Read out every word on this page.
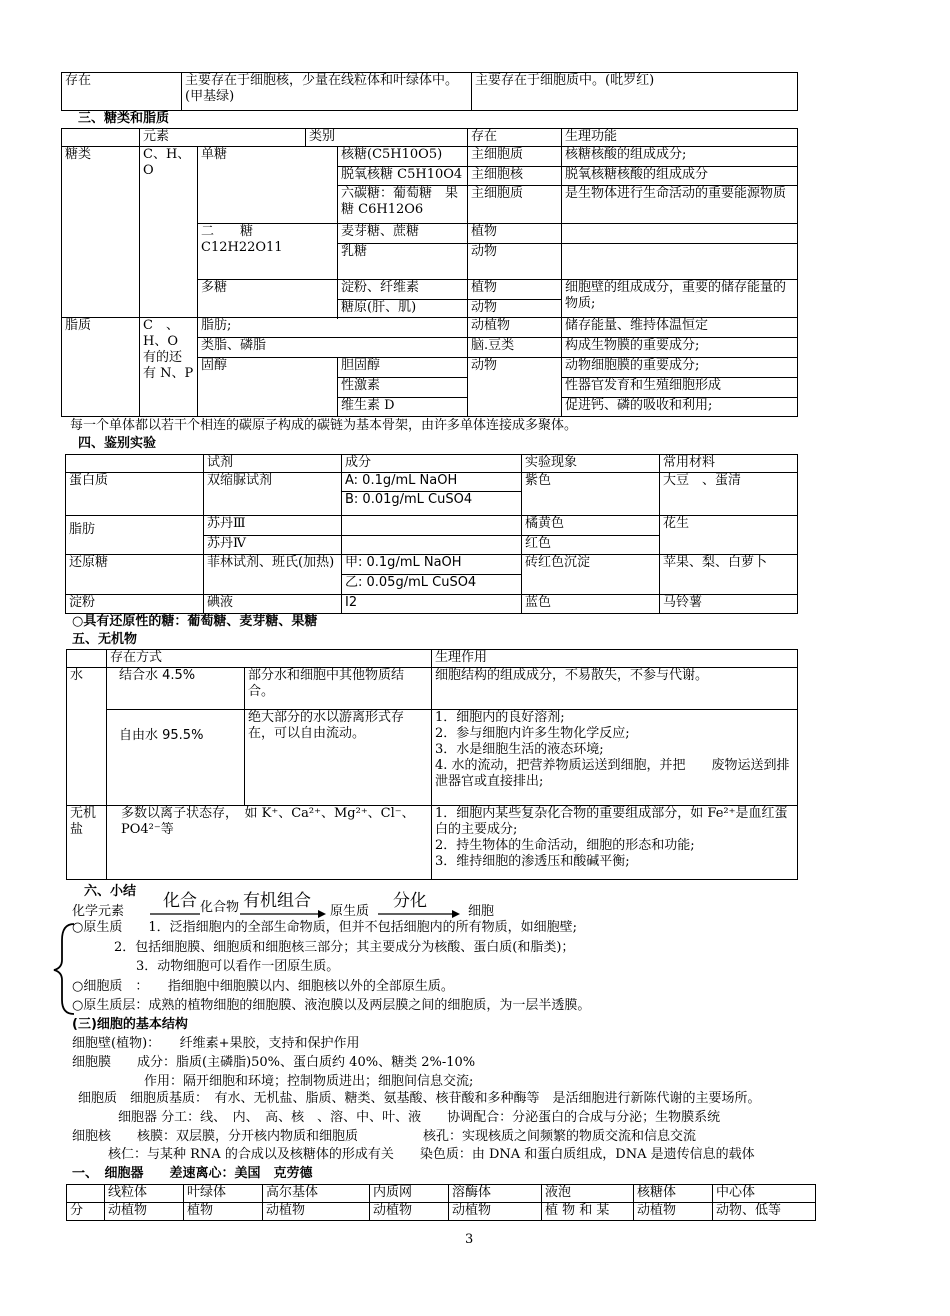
存在	主要存在于细胞核，少量在线粒体和叶绿体中。(甲基绿)	主要存在于细胞质中。(吡罗红)
三、糖类和脂质
	元素		类别		存在	生理功能
糖类	C、H、O	单糖		核糖(C5H10O5)	主细胞质	核糖核酸的组成成分;
				脱氧核糖 C5H10O4	主细胞核	脱氧核糖核酸的组成成分
				六碳糖：葡萄糖　果糖 C6H12O6	主细胞质	是生物体进行生命活动的重要能源物质
		二　　糖 C12H22O11		麦芽糖、蔗糖	植物	
				乳糖	动物	
		多糖		淀粉、纤维素	植物	细胞壁的组成成分，重要的储存能量的物质;
				糖原(肝、肌)	动物	

脂质	C　、H、O 有的还　有 N、P	脂肪;			动植物	储存能量、维持体温恒定
		类脂、磷脂			脑.豆类	构成生物膜的重要成分;
		固醇		胆固醇	动物	动物细胞膜的重要成分;
				性激素		性器官发育和生殖细胞形成
				维生素 D		促进钙、磷的吸收和利用;
每一个单体都以若干个相连的碳原子构成的碳链为基本骨架，由许多单体连接成多聚体。
四、鉴别实验
	试剂	成分	实验现象	常用材料
蛋白质	双缩脲试剂	A: 0.1g/mL NaOH	紫色	大豆　、蛋清
		B: 0.01g/mL CuSO4		
脂肪	苏丹Ⅲ		橘黄色	花生
	苏丹Ⅳ		红色	
还原糖	菲林试剂、班氏(加热)	甲: 0.1g/mL NaOH	砖红色沉淀	苹果、梨、白萝卜
		乙: 0.05g/mL CuSO4		
淀粉	碘液	I2	蓝色	马铃薯
○具有还原性的糖：葡萄糖、麦芽糖、果糖
五、无机物
	存在方式		生理作用
水	结合水 4.5%	部分水和细胞中其他物质结合。	细胞结构的组成成分，不易散失，不参与代谢。
	自由水 95.5%	绝大部分的水以游离形式存在，可以自由流动。	1．细胞内的良好溶剂;
2．参与细胞内许多生物化学反应;
3．水是细胞生活的液态环境;
4. 水的流动，把营养物质运送到细胞，并把　　废物运送到排泄器官或直接排出;

无机盐	多数以离子状态存，　如 K⁺、Ca²⁺、Mg²⁺、Cl⁻、PO4²⁻等		1．细胞内某些复杂化合物的重要组成部分，如 Fe²⁺是血红蛋白的主要成分;
2．持生物体的生命活动，细胞的形态和功能;
3．维持细胞的渗透压和酸碱平衡;
六、小结
化学元素
化合 化合物 有机组合
原生质
分化
细胞
○原生质　　1．泛指细胞内的全部生命物质，但并不包括细胞内的所有物质，如细胞壁;
2．包括细胞膜、细胞质和细胞核三部分；其主要成分为核酸、蛋白质(和脂类)；
3．动物细胞可以看作一团原生质。
○细胞质　：　　指细胞中细胞膜以内、细胞核以外的全部原生质。
○原生质层：成熟的植物细胞的细胞膜、液泡膜以及两层膜之间的细胞质，为一层半透膜。
(三)细胞的基本结构
细胞壁(植物)：　　纤维素+果胶，支持和保护作用
细胞膜　　成分：脂质(主磷脂)50%、蛋白质约 40%、糖类 2%-10%
作用：隔开细胞和环境；控制物质进出；细胞间信息交流;
细胞质　细胞质基质：　有水、无机盐、脂质、糖类、氨基酸、核苷酸和多种酶等　是活细胞进行新陈代谢的主要场所。
细胞器 分工：线、　内、　高、核　、溶、中、叶、液　　协调配合：分泌蛋白的合成与分泌；生物膜系统
细胞核　　核膜：双层膜，分开核内物质和细胞质　　　　　核孔：实现核质之间频繁的物质交流和信息交流
核仁：与某种 RNA 的合成以及核糖体的形成有关　　染色质：由 DNA 和蛋白质组成，DNA 是遗传信息的载体
一、　细胞器　　差速离心：美国　克劳德
	线粒体	叶绿体	高尔基体	内质网	溶酶体	液泡	核糖体	中心体
分	动植物	植物	动植物	动植物	动植物	植 物 和 某	动植物	动物、低等
3
